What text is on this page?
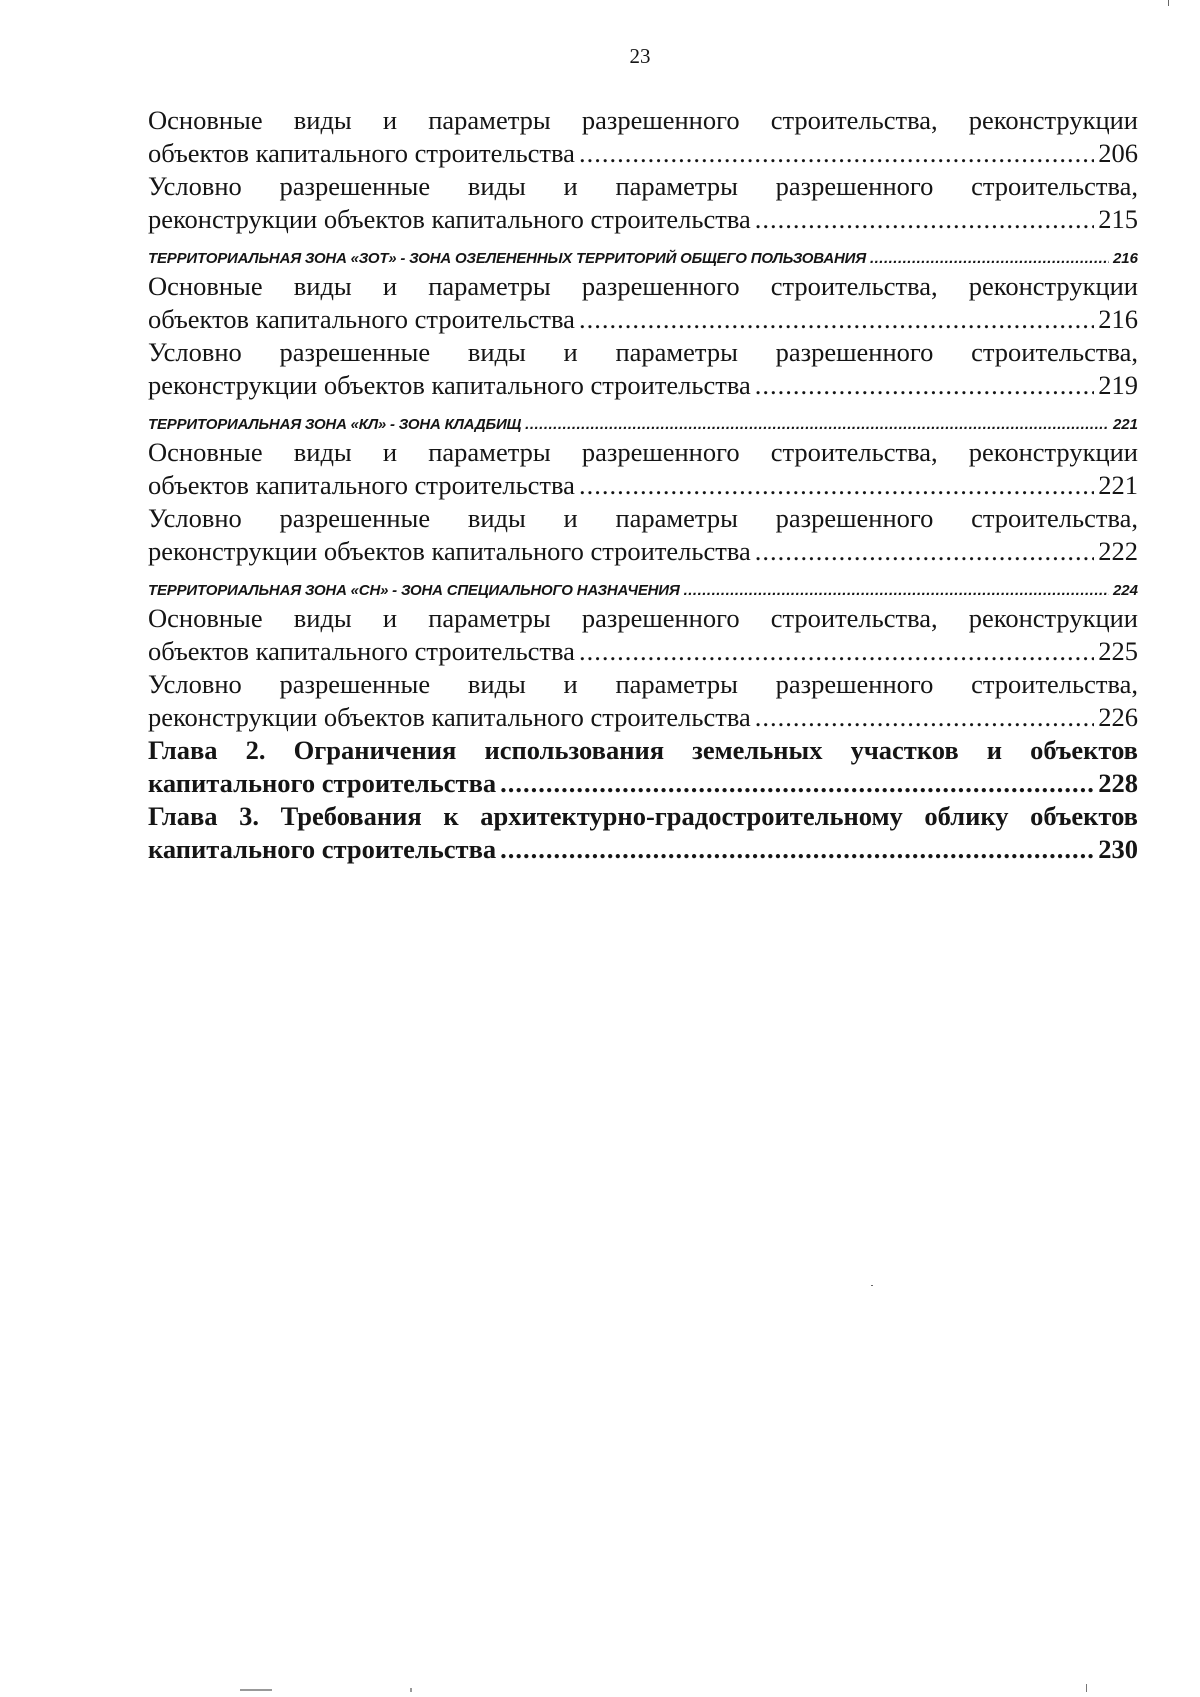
23
Основные виды и параметры разрешенного строительства, реконструкции
объектов капитального строительства .....	206
Условно разрешенные виды и параметры разрешенного строительства,
реконструкции объектов капитального строительства .....	215
ТЕРРИТОРИАЛЬНАЯ ЗОНА «ЗОТ» - ЗОНА ОЗЕЛЕНЕННЫХ ТЕРРИТОРИЙ ОБЩЕГО ПОЛЬЗОВАНИЯ .....	216
Основные виды и параметры разрешенного строительства, реконструкции
объектов капитального строительства .....	216
Условно разрешенные виды и параметры разрешенного строительства,
реконструкции объектов капитального строительства .....	219
ТЕРРИТОРИАЛЬНАЯ ЗОНА «КЛ» - ЗОНА КЛАДБИЩ .....	221
Основные виды и параметры разрешенного строительства, реконструкции
объектов капитального строительства .....	221
Условно разрешенные виды и параметры разрешенного строительства,
реконструкции объектов капитального строительства .....	222
ТЕРРИТОРИАЛЬНАЯ ЗОНА «СН» - ЗОНА СПЕЦИАЛЬНОГО НАЗНАЧЕНИЯ .....	224
Основные виды и параметры разрешенного строительства, реконструкции
объектов капитального строительства .....	225
Условно разрешенные виды и параметры разрешенного строительства,
реконструкции объектов капитального строительства .....	226
Глава 2. Ограничения использования земельных участков и объектов
капитального строительства .....	228
Глава 3. Требования к архитектурно-градостроительному облику объектов
капитального строительства .....	230
